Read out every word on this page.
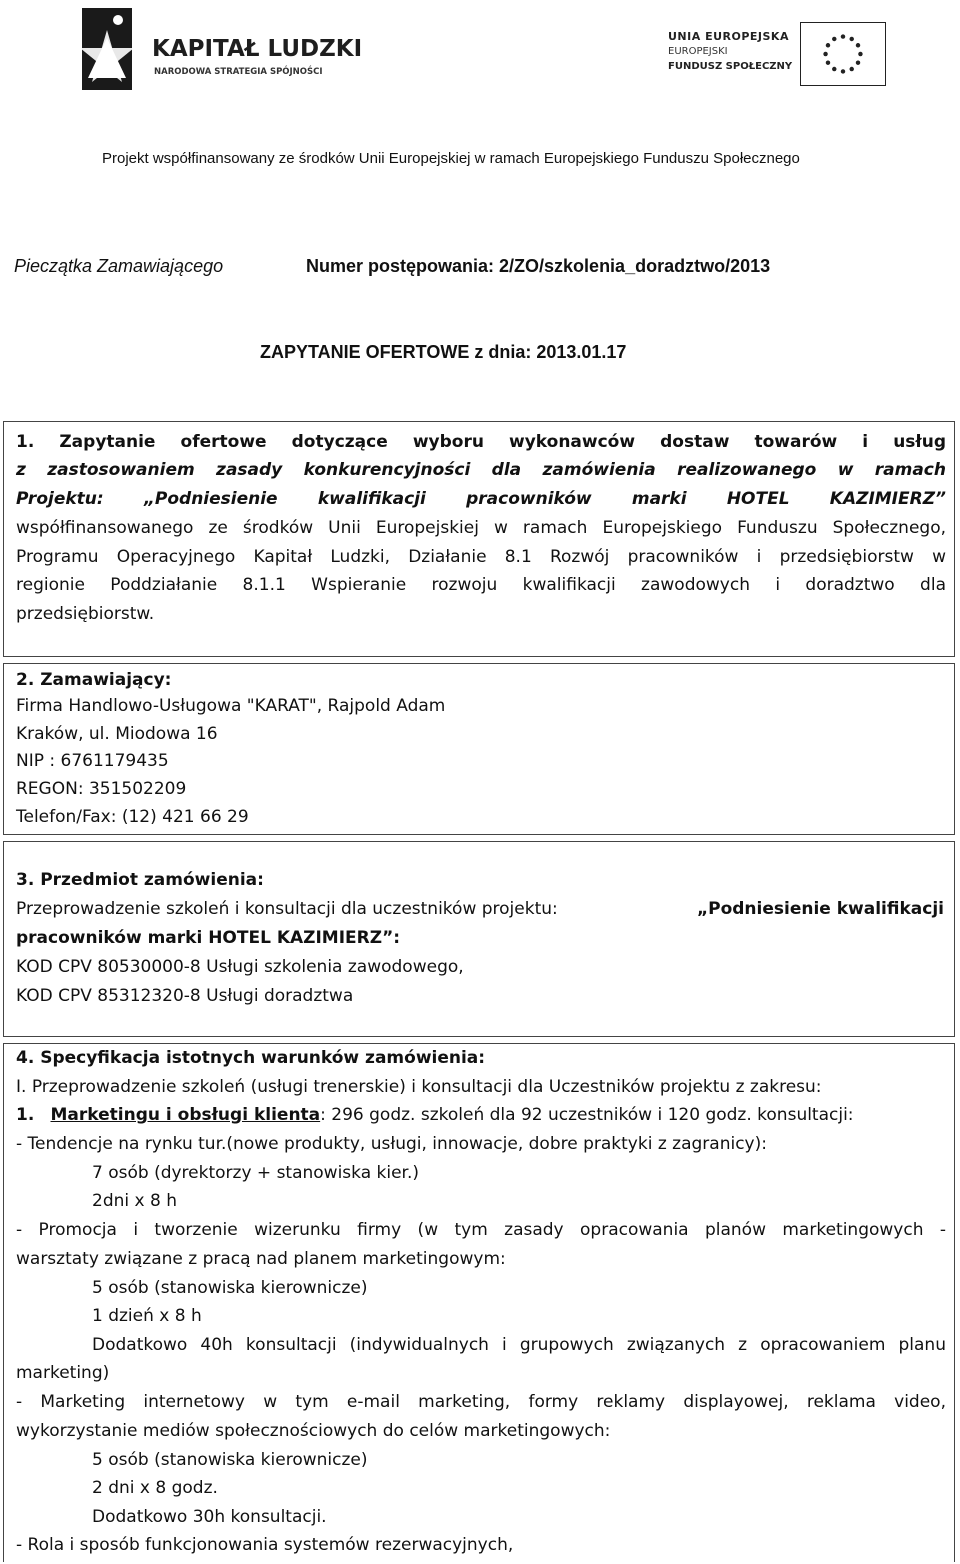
KAPITAŁ LUDZKI
NARODOWA STRATEGIA SPÓJNOŚCI
UNIA EUROPEJSKA
EUROPEJSKI
FUNDUSZ SPOŁECZNY
Projekt współfinansowany ze środków Unii Europejskiej w ramach Europejskiego Funduszu Społecznego
Pieczątka Zamawiającego	Numer postępowania: 2/ZO/szkolenia_doradztwo/2013
ZAPYTANIE OFERTOWE z dnia: 2013.01.17
1. Zapytanie ofertowe dotyczące wyboru wykonawców dostaw towarów i usług
z zastosowaniem zasady konkurencyjności dla zamówienia realizowanego w ramach
Projektu: „Podniesienie kwalifikacji pracowników marki HOTEL KAZIMIERZ”
współfinansowanego ze środków Unii Europejskiej w ramach Europejskiego Funduszu Społecznego,
Programu Operacyjnego Kapitał Ludzki, Działanie 8.1 Rozwój pracowników i przedsiębiorstw w
regionie Poddziałanie 8.1.1 Wspieranie rozwoju kwalifikacji zawodowych i doradztwo dla
przedsiębiorstw.
2. Zamawiający:
Firma Handlowo-Usługowa "KARAT", Rajpold Adam
Kraków, ul. Miodowa 16
NIP : 6761179435
REGON: 351502209
Telefon/Fax: (12) 421 66 29
3. Przedmiot zamówienia:
Przeprowadzenie szkoleń i konsultacji dla uczestników projektu:	„Podniesienie kwalifikacji
pracowników marki HOTEL KAZIMIERZ”:
KOD CPV 80530000-8 Usługi szkolenia zawodowego,
KOD CPV 85312320-8 Usługi doradztwa
4. Specyfikacja istotnych warunków zamówienia:
I. Przeprowadzenie szkoleń (usługi trenerskie) i konsultacji dla Uczestników projektu z zakresu:
1. Marketingu i obsługi klienta: 296 godz. szkoleń dla 92 uczestników i 120 godz. konsultacji:
- Tendencje na rynku tur.(nowe produkty, usługi, innowacje, dobre praktyki z zagranicy):
7 osób (dyrektorzy + stanowiska kier.)
2dni x 8 h
- Promocja i tworzenie wizerunku firmy (w tym zasady opracowania planów marketingowych -
warsztaty związane z pracą nad planem marketingowym:
5 osób (stanowiska kierownicze)
1 dzień x 8 h
Dodatkowo 40h konsultacji (indywidualnych i grupowych związanych z opracowaniem planu
marketing)
- Marketing internetowy w tym e-mail marketing, formy reklamy displayowej, reklama video,
wykorzystanie mediów społecznościowych do celów marketingowych:
5 osób (stanowiska kierownicze)
2 dni x 8 godz.
Dodatkowo 30h konsultacji.
- Rola i sposób funkcjonowania systemów rezerwacyjnych,
